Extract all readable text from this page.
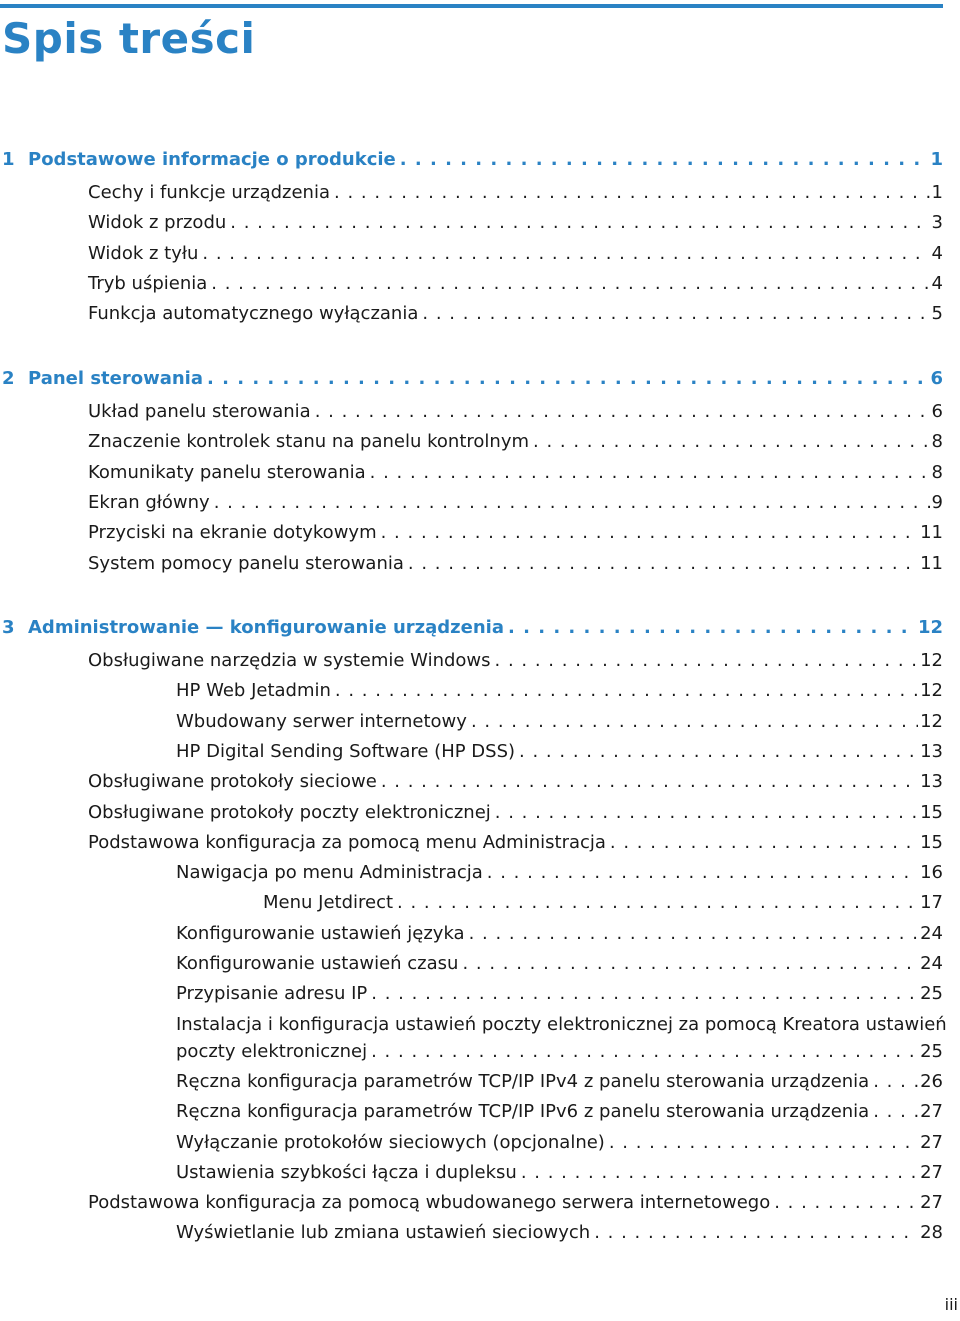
Spis treści
1 Podstawowe informacje o produkcie . . .	1
Cechy i funkcje urządzenia . . .	1
Widok z przodu . . .	3
Widok z tyłu . . .	4
Tryb uśpienia . . .	4
Funkcja automatycznego wyłączania . . .	5
2 Panel sterowania . . .	6
Układ panelu sterowania . . .	6
Znaczenie kontrolek stanu na panelu kontrolnym . . .	8
Komunikaty panelu sterowania . . .	8
Ekran główny . . .	9
Przyciski na ekranie dotykowym . . .	11
System pomocy panelu sterowania . . .	11
3 Administrowanie — konfigurowanie urządzenia . . .	12
Obsługiwane narzędzia w systemie Windows . . .	12
HP Web Jetadmin . . .	12
Wbudowany serwer internetowy . . .	12
HP Digital Sending Software (HP DSS) . . .	13
Obsługiwane protokoły sieciowe . . .	13
Obsługiwane protokoły poczty elektronicznej . . .	15
Podstawowa konfiguracja za pomocą menu Administracja . . .	15
Nawigacja po menu Administracja . . .	16
Menu Jetdirect . . .	17
Konfigurowanie ustawień języka . . .	24
Konfigurowanie ustawień czasu . . .	24
Przypisanie adresu IP . . .	25
Instalacja i konfiguracja ustawień poczty elektronicznej za pomocą Kreatora ustawień
poczty elektronicznej . . .	25
Ręczna konfiguracja parametrów TCP/IP IPv4 z panelu sterowania urządzenia . . .	26
Ręczna konfiguracja parametrów TCP/IP IPv6 z panelu sterowania urządzenia . . .	27
Wyłączanie protokołów sieciowych (opcjonalne) . . .	27
Ustawienia szybkości łącza i dupleksu . . .	27
Podstawowa konfiguracja za pomocą wbudowanego serwera internetowego . . .	27
Wyświetlanie lub zmiana ustawień sieciowych . . .	28
iii
